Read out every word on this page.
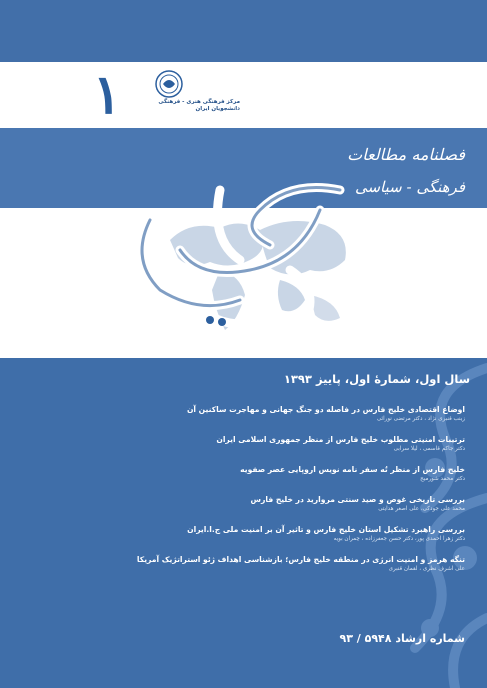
١	مرکز فرهنگی هنری - فرهنگی
دانشجویان ایران
فصلنامه مطالعات
فرهنگی - سیاسی
سال اول، شمارهٔ اول، پاییز ۱۳۹۳
اوضاع اقتصادی خلیج فارس در فاصله دو جنگ جهانی و مهاجرت ساکنین آن
زینب قنبری نژاد ، دکتر مرتضی نورائی
ترتیبات امنیتی مطلوب خلیج فارس از منظر جمهوری اسلامی ایران
دکتر جاکم قاسمی ، لیلا سرابی
خلیج فارس از منظر تُه سفر نامه نویس اروپایی عصر صفویه
دکتر محمد شورمیج
بررسی تاریخی غوص و صید سنتی مروارید در خلیج فارس
محمد علی جودکی، علی اصغر هدایتی
بررسی راهبرد تشکیل استان خلیج فارس و تاثیر آن بر امنیت ملی ج.ا.ایران
دکتر زهرا احمدی پور، دکتر حسن جعفرزاده ، چمران بویه
تنگه هرمز و امنیت انرژی در منطقه خلیج فارس؛ بازشناسی اهداف ژئو استراتژیک آمریکا
علی اشرف نظری ، لقمان قنبری
شماره ارشاد ۵۹۴۸ / ۹۳
